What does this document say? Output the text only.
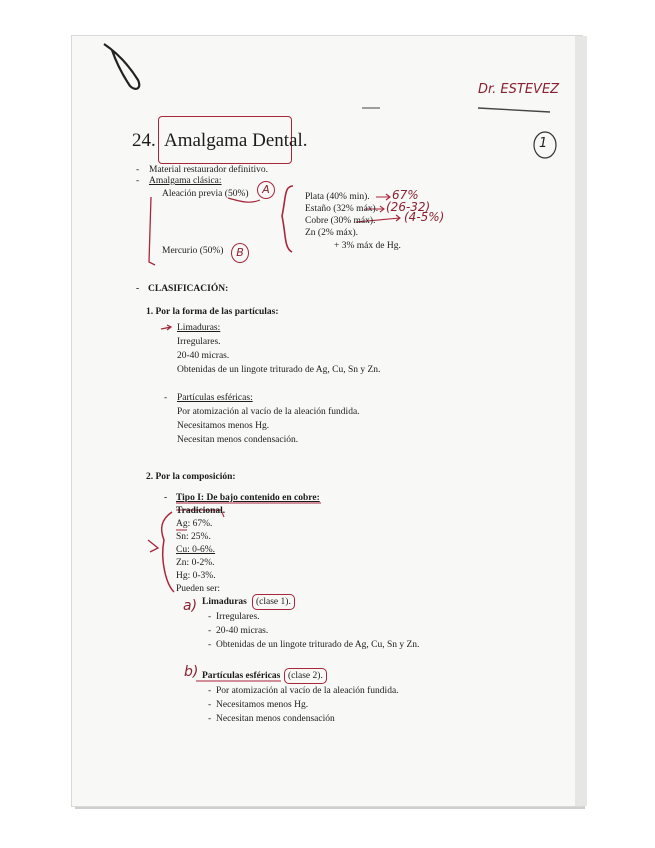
Dr. ESTEVEZ
1
24. Amalgama Dental.
- Material restaurador definitivo.
- Amalgama clásica:
Aleación previa (50%)	A
Mercurio (50%)	B
Plata (40% min). 67%
Estaño (32% máx). (26-32)
Cobre (30% máx). (4-5%)
Zn (2% máx).
+ 3% máx de Hg.
- CLASIFICACIÓN:
1. Por la forma de las partículas:
Limaduras:
Irregulares.
20-40 micras.
Obtenidas de un lingote triturado de Ag, Cu, Sn y Zn.
- Partículas esféricas:
Por atomización al vacío de la aleación fundida.
Necesitamos menos Hg.
Necesitan menos condensación.
2. Por la composición:
- Tipo I: De bajo contenido en cobre:
Tradicional.
Ag: 67%.
Sn: 25%.
Cu: 0-6%.
Zn: 0-2%.
Hg: 0-3%.
Pueden ser:
a) Limaduras (clase 1).
- Irregulares.
- 20-40 micras.
- Obtenidas de un lingote triturado de Ag, Cu, Sn y Zn.
b) Partículas esféricas (clase 2).
- Por atomización al vacío de la aleación fundida.
- Necesitamos menos Hg.
- Necesitan menos condensación
